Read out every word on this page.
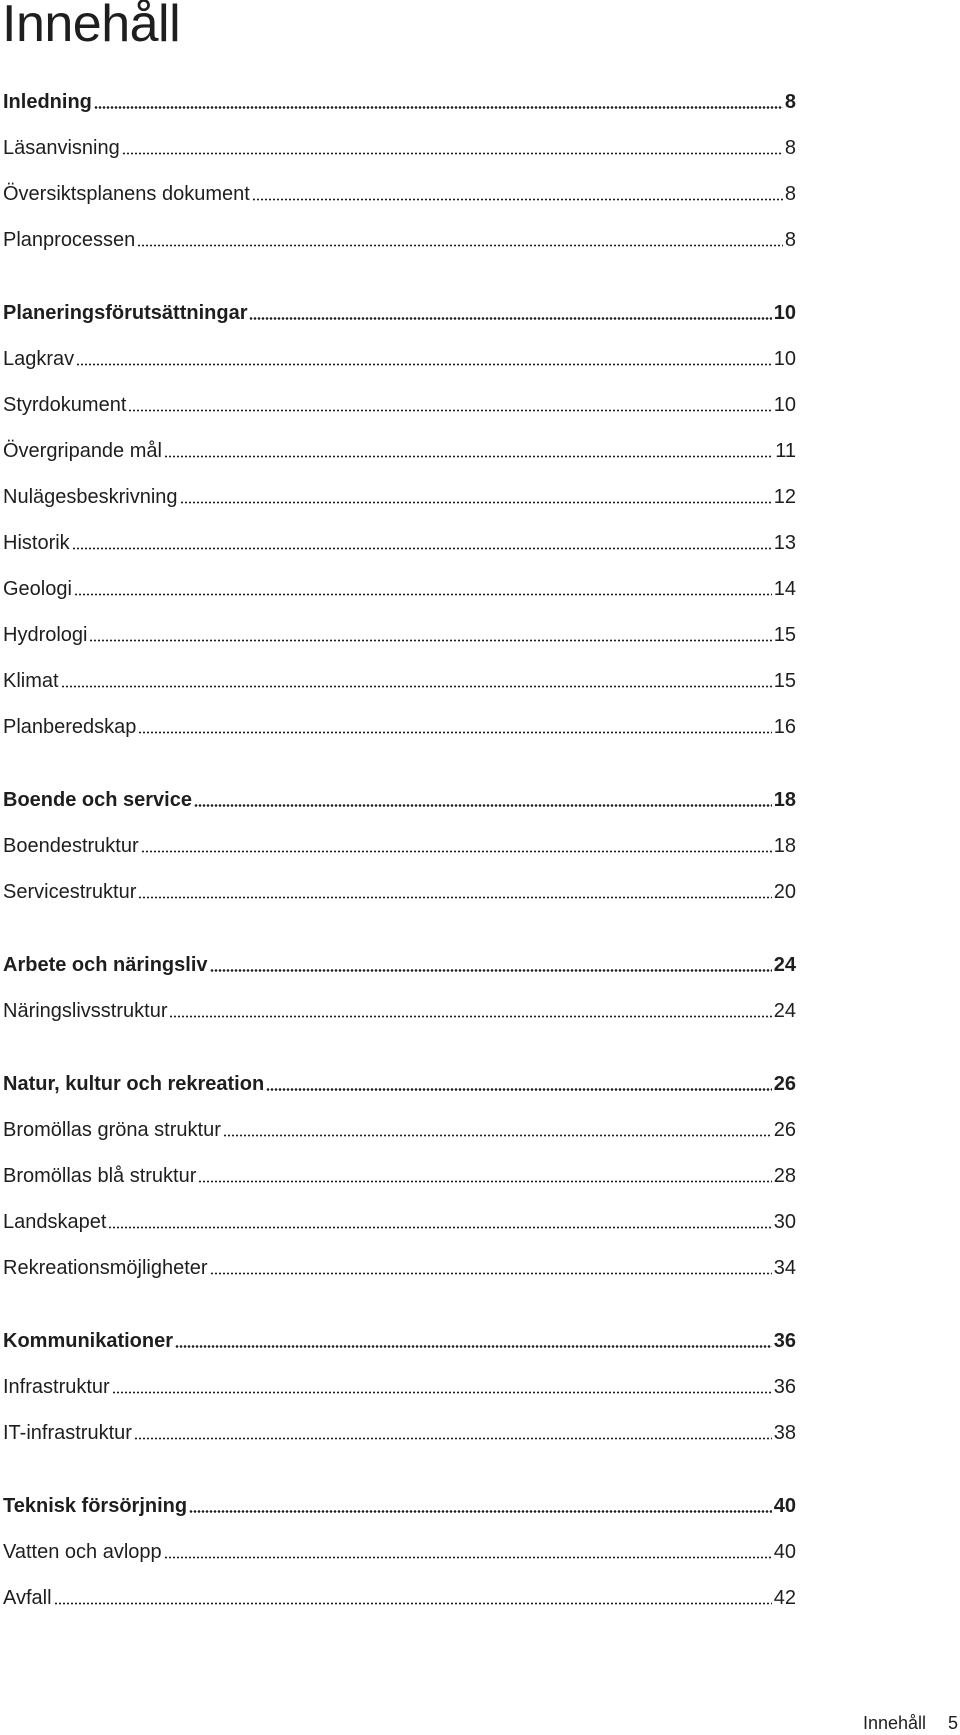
Innehåll
Inledning	8
Läsanvisning	8
Översiktsplanens dokument	8
Planprocessen	8
Planeringsförutsättningar	10
Lagkrav	10
Styrdokument	10
Övergripande mål	11
Nulägesbeskrivning	12
Historik	13
Geologi	14
Hydrologi	15
Klimat	15
Planberedskap	16
Boende och service	18
Boendestruktur	18
Servicestruktur	20
Arbete och näringsliv	24
Näringslivsstruktur	24
Natur, kultur och rekreation	26
Bromöllas gröna struktur	26
Bromöllas blå struktur	28
Landskapet	30
Rekreationsmöjligheter	34
Kommunikationer	36
Infrastruktur	36
IT-infrastruktur	38
Teknisk försörjning	40
Vatten och avlopp	40
Avfall	42
Innehåll 5
